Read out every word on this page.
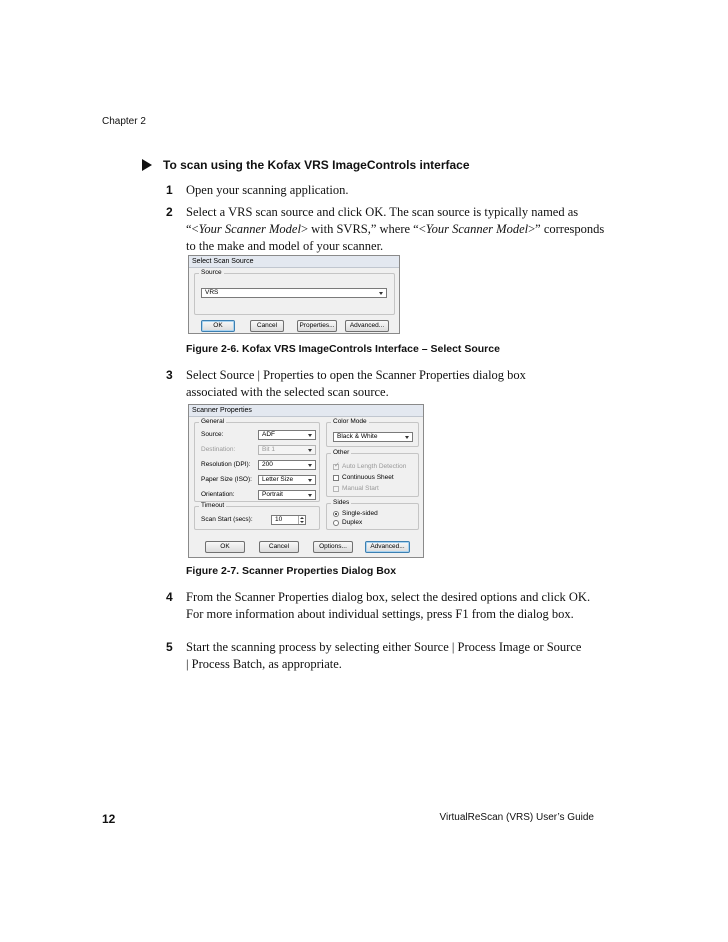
Chapter 2
To scan using the Kofax VRS ImageControls interface
1 Open your scanning application.
2 Select a VRS scan source and click OK. The scan source is typically named as “<Your Scanner Model> with SVRS,” where “<Your Scanner Model>” corresponds to the make and model of your scanner.
Select Scan Source
Source
VRS
OK	Cancel	Properties...	Advanced...
Figure 2-6. Kofax VRS ImageControls Interface – Select Source
3 Select Source | Properties to open the Scanner Properties dialog box associated with the selected scan source.
Scanner Properties
General
Source:	ADF
Destination:	Bit 1
Resolution (DPI):	200
Paper Size (ISO):	Letter Size
Orientation:	Portrait
Timeout
Scan Start (secs):	10
Color Mode
Black & White
Other
✓ Auto Length Detection
Continuous Sheet
Manual Start
Sides
Single-sided
Duplex
OK	Cancel	Options...	Advanced...
Figure 2-7. Scanner Properties Dialog Box
4 From the Scanner Properties dialog box, select the desired options and click OK. For more information about individual settings, press F1 from the dialog box.
5 Start the scanning process by selecting either Source | Process Image or Source | Process Batch, as appropriate.
12	VirtualReScan (VRS) User’s Guide
